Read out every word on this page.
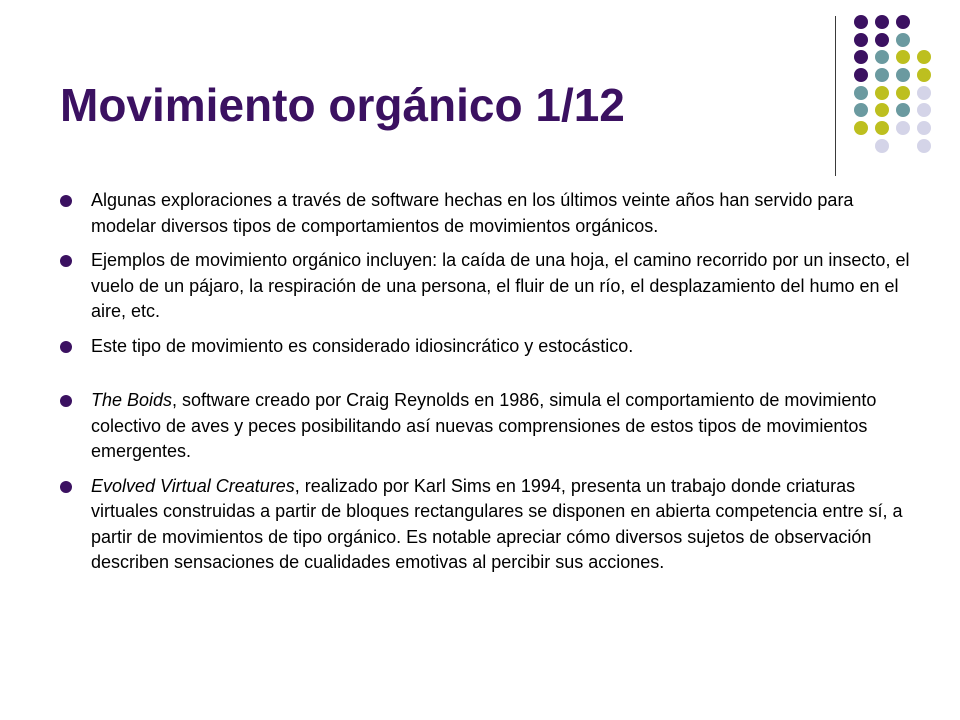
Movimiento orgánico 1/12
Algunas exploraciones a través de software hechas en los últimos veinte años han servido para modelar diversos tipos de comportamientos de movimientos orgánicos.
Ejemplos de movimiento orgánico incluyen: la caída de una hoja, el camino recorrido por un insecto, el vuelo de un pájaro, la respiración de una persona, el fluir de un río, el desplazamiento del humo en el aire, etc.
Este tipo de movimiento es considerado idiosincrático y estocástico.
The Boids, software creado por Craig Reynolds en 1986, simula el comportamiento de movimiento colectivo de aves y peces posibilitando así nuevas comprensiones de estos tipos de movimientos emergentes.
Evolved Virtual Creatures, realizado por Karl Sims en 1994, presenta un trabajo donde criaturas virtuales construidas a partir de bloques rectangulares se disponen en abierta competencia entre sí, a partir de movimientos de tipo orgánico. Es notable apreciar cómo diversos sujetos de observación describen sensaciones de cualidades emotivas al percibir sus acciones.
